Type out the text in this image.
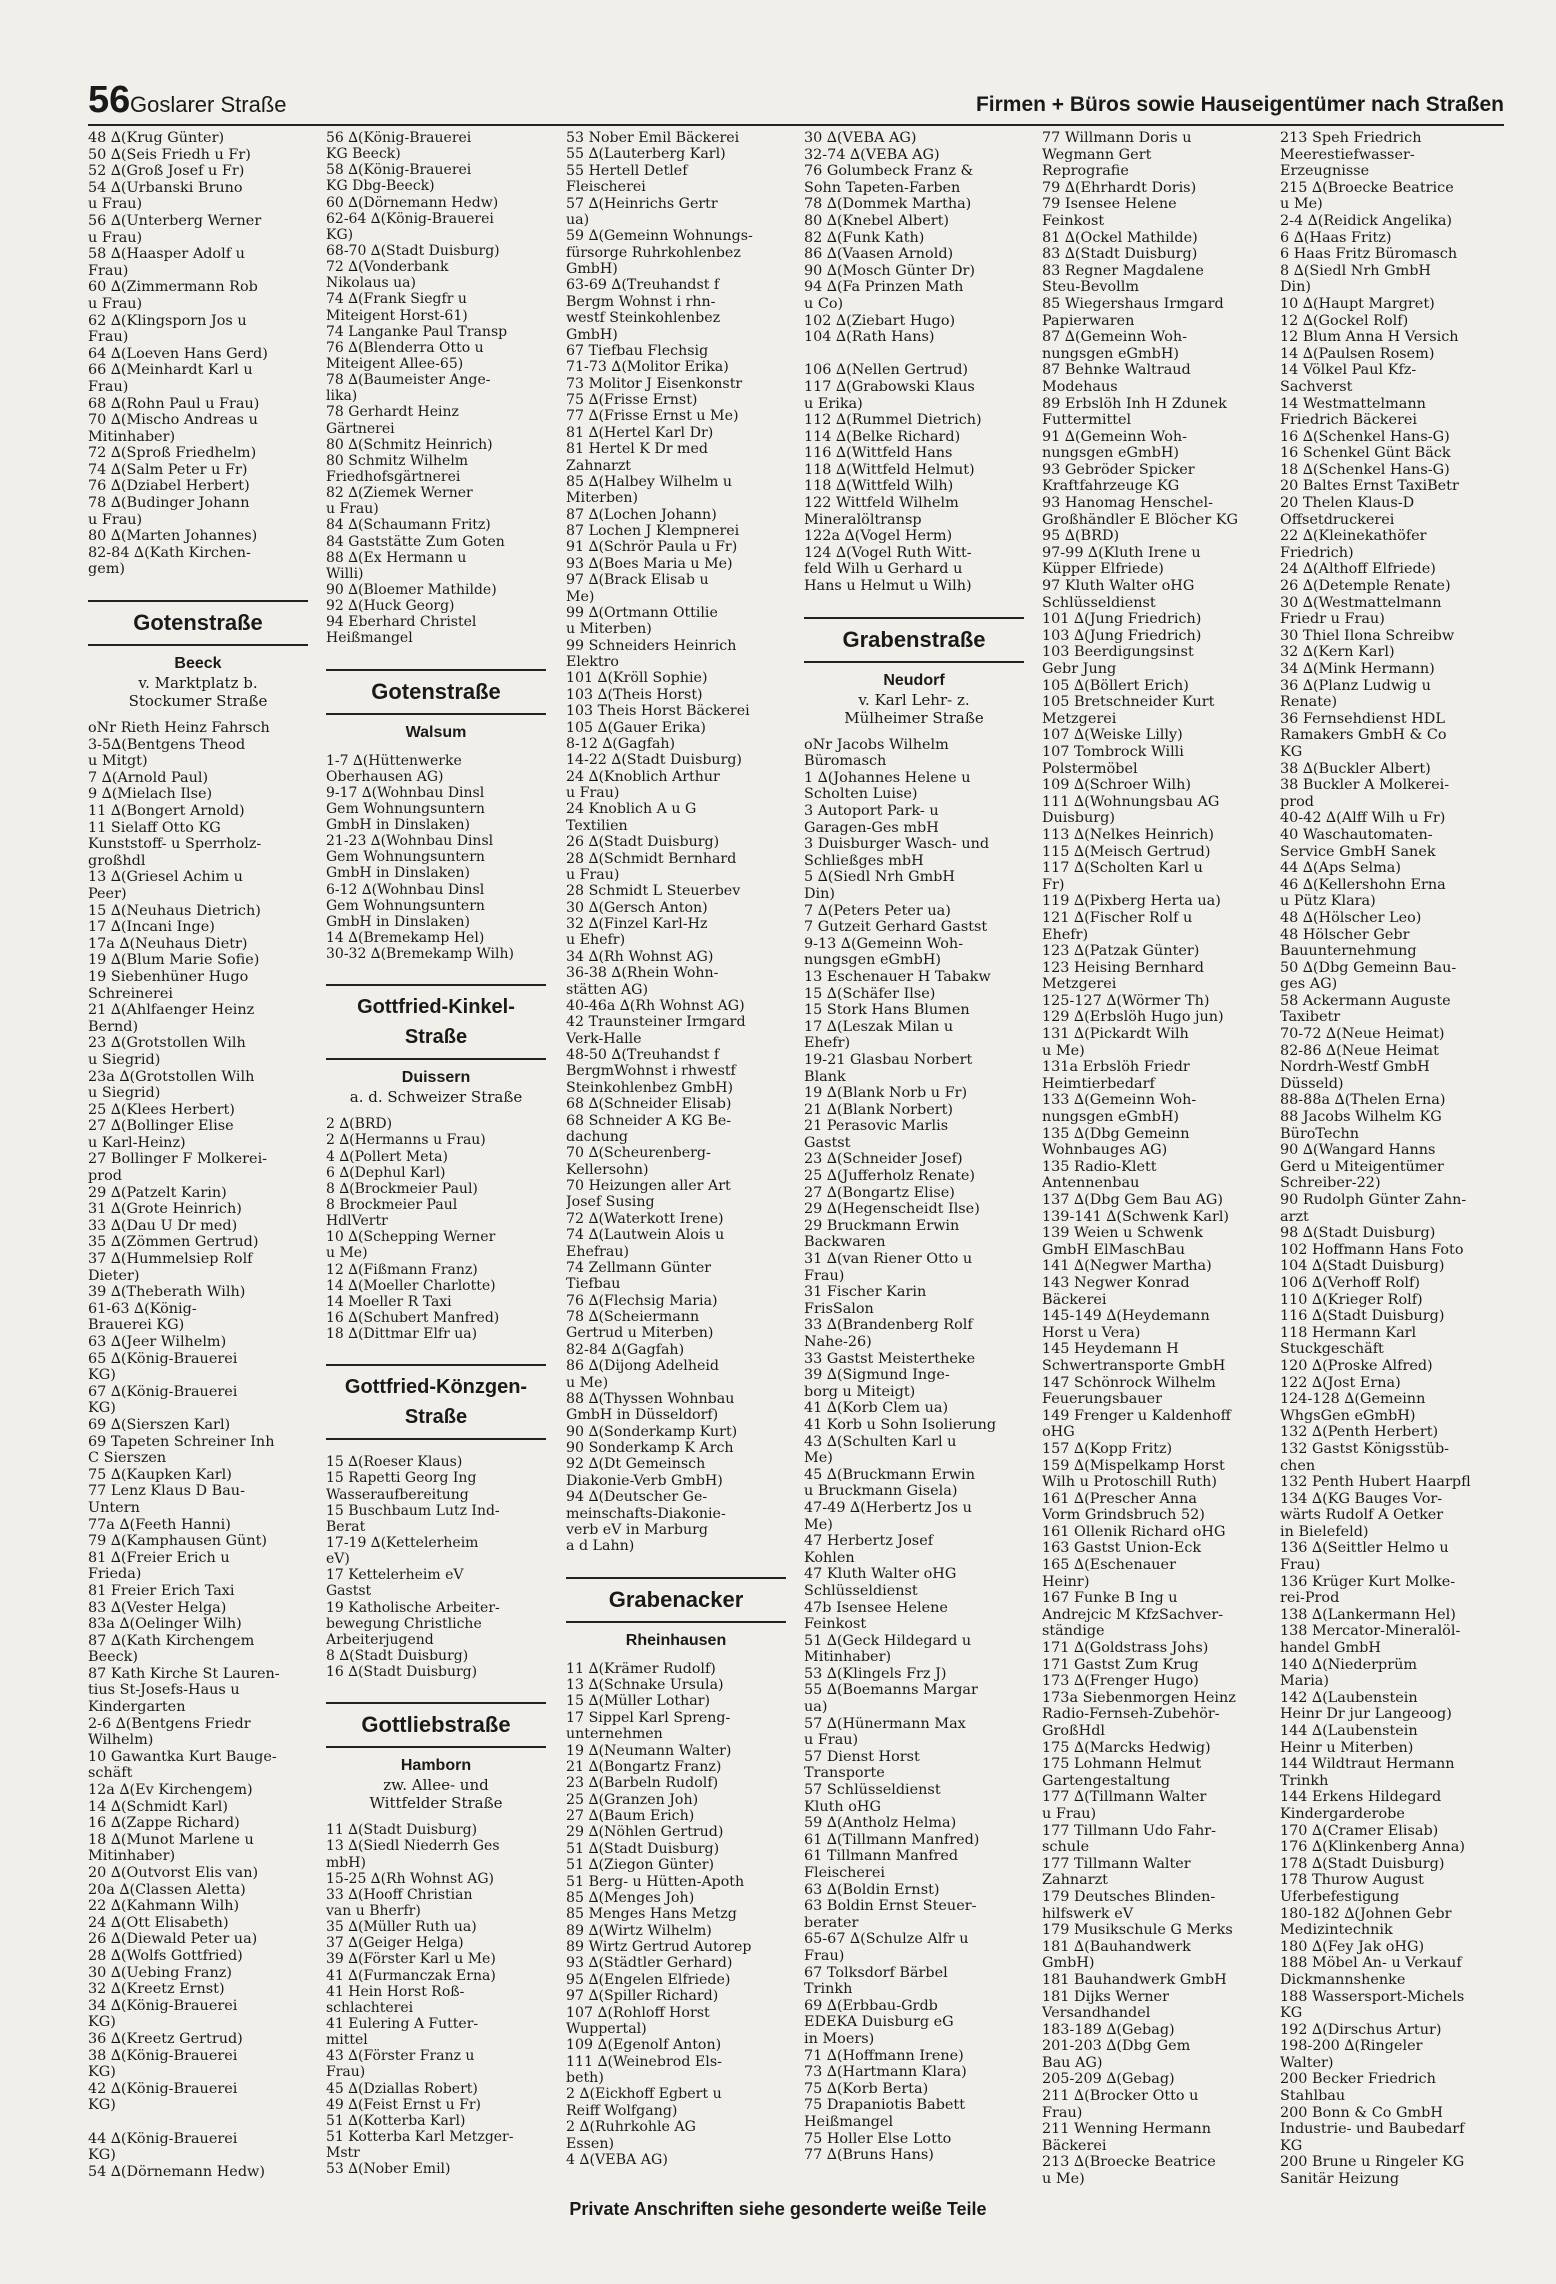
56 Goslarer Straße	Firmen + Büros sowie Hauseigentümer nach Straßen
48 ∆(Krug Günter)
50 ∆(Seis Friedh u Fr)
52 ∆(Groß Josef u Fr)
54 ∆(Urbanski Bruno
u Frau)
56 ∆(Unterberg Werner
u Frau)
58 ∆(Haasper Adolf u
Frau)
60 ∆(Zimmermann Rob
u Frau)
62 ∆(Klingsporn Jos u
Frau)
64 ∆(Loeven Hans Gerd)
66 ∆(Meinhardt Karl u
Frau)
68 ∆(Rohn Paul u Frau)
70 ∆(Mischo Andreas u
Mitinhaber)
72 ∆(Sproß Friedhelm)
74 ∆(Salm Peter u Fr)
76 ∆(Dziabel Herbert)
78 ∆(Budinger Johann
u Frau)
80 ∆(Marten Johannes)
82-84 ∆(Kath Kirchen-
gem)
Gotenstraße
Beeck
v. Marktplatz b.
Stockumer Straße
oNr Rieth Heinz Fahrsch
3-5∆(Bentgens Theod
u Mitgt)
7 ∆(Arnold Paul)
9 ∆(Mielach Ilse)
11 ∆(Bongert Arnold)
11 Sielaff Otto KG
Kunststoff- u Sperrholz-
großhdl
13 ∆(Griesel Achim u
Peer)
15 ∆(Neuhaus Dietrich)
17 ∆(Incani Inge)
17a ∆(Neuhaus Dietr)
19 ∆(Blum Marie Sofie)
19 Siebenhüner Hugo
Schreinerei
21 ∆(Ahlfaenger Heinz
Bernd)
23 ∆(Grotstollen Wilh
u Siegrid)
23a ∆(Grotstollen Wilh
u Siegrid)
25 ∆(Klees Herbert)
27 ∆(Bollinger Elise
u Karl-Heinz)
27 Bollinger F Molkerei-
prod
29 ∆(Patzelt Karin)
31 ∆(Grote Heinrich)
33 ∆(Dau U Dr med)
35 ∆(Zömmen Gertrud)
37 ∆(Hummelsiep Rolf
Dieter)
39 ∆(Theberath Wilh)
61-63 ∆(König-
Brauerei KG)
63 ∆(Jeer Wilhelm)
65 ∆(König-Brauerei
KG)
67 ∆(König-Brauerei
KG)
69 ∆(Sierszen Karl)
69 Tapeten Schreiner Inh
C Sierszen
75 ∆(Kaupken Karl)
77 Lenz Klaus D Bau-
Untern
77a ∆(Feeth Hanni)
79 ∆(Kamphausen Günt)
81 ∆(Freier Erich u
Frieda)
81 Freier Erich Taxi
83 ∆(Vester Helga)
83a ∆(Oelinger Wilh)
87 ∆(Kath Kirchengem
Beeck)
87 Kath Kirche St Lauren-
tius St-Josefs-Haus u
Kindergarten
2-6 ∆(Bentgens Friedr
Wilhelm)
10 Gawantka Kurt Bauge-
schäft
12a ∆(Ev Kirchengem)
14 ∆(Schmidt Karl)
16 ∆(Zappe Richard)
18 ∆(Munot Marlene u
Mitinhaber)
20 ∆(Outvorst Elis van)
20a ∆(Classen Aletta)
22 ∆(Kahmann Wilh)
24 ∆(Ott Elisabeth)
26 ∆(Diewald Peter ua)
28 ∆(Wolfs Gottfried)
30 ∆(Uebing Franz)
32 ∆(Kreetz Ernst)
34 ∆(König-Brauerei
KG)
36 ∆(Kreetz Gertrud)
38 ∆(König-Brauerei
KG)
42 ∆(König-Brauerei
KG)

44 ∆(König-Brauerei
KG)
54 ∆(Dörnemann Hedw)
56 ∆(König-Brauerei
KG Beeck)
58 ∆(König-Brauerei
KG Dbg-Beeck)
60 ∆(Dörnemann Hedw)
62-64 ∆(König-Brauerei
KG)
68-70 ∆(Stadt Duisburg)
72 ∆(Vonderbank
Nikolaus ua)
74 ∆(Frank Siegfr u
Miteigent Horst-61)
74 Langanke Paul Transp
76 ∆(Blenderra Otto u
Miteigent Allee-65)
78 ∆(Baumeister Ange-
lika)
78 Gerhardt Heinz
Gärtnerei
80 ∆(Schmitz Heinrich)
80 Schmitz Wilhelm
Friedhofsgärtnerei
82 ∆(Ziemek Werner
u Frau)
84 ∆(Schaumann Fritz)
84 Gaststätte Zum Goten
88 ∆(Ex Hermann u
Willi)
90 ∆(Bloemer Mathilde)
92 ∆(Huck Georg)
94 Eberhard Christel
Heißmangel
Gotenstraße
Walsum
1-7 ∆(Hüttenwerke
Oberhausen AG)
9-17 ∆(Wohnbau Dinsl
Gem Wohnungsuntern
GmbH in Dinslaken)
21-23 ∆(Wohnbau Dinsl
Gem Wohnungsuntern
GmbH in Dinslaken)
6-12 ∆(Wohnbau Dinsl
Gem Wohnungsuntern
GmbH in Dinslaken)
14 ∆(Bremekamp Hel)
30-32 ∆(Bremekamp Wilh)
Gottfried-Kinkel-Straße
Duissern
a. d. Schweizer Straße
2 ∆(BRD)
2 ∆(Hermanns u Frau)
4 ∆(Pollert Meta)
6 ∆(Dephul Karl)
8 ∆(Brockmeier Paul)
8 Brockmeier Paul
HdlVertr
10 ∆(Schepping Werner
u Me)
12 ∆(Fißmann Franz)
14 ∆(Moeller Charlotte)
14 Moeller R Taxi
16 ∆(Schubert Manfred)
18 ∆(Dittmar Elfr ua)
Gottfried-Könzgen-Straße
15 ∆(Roeser Klaus)
15 Rapetti Georg Ing
Wasseraufbereitung
15 Buschbaum Lutz Ind-
Berat
17-19 ∆(Kettelerheim
eV)
17 Kettelerheim eV
Gastst
19 Katholische Arbeiter-
bewegung Christliche
Arbeiterjugend
8 ∆(Stadt Duisburg)
16 ∆(Stadt Duisburg)
Gottliebstraße
Hamborn
zw. Allee- und
Wittfelder Straße
11 ∆(Stadt Duisburg)
13 ∆(Siedl Niederrh Ges
mbH)
15-25 ∆(Rh Wohnst AG)
33 ∆(Hooff Christian
van u Bherfr)
35 ∆(Müller Ruth ua)
37 ∆(Geiger Helga)
39 ∆(Förster Karl u Me)
41 ∆(Furmanczak Erna)
41 Hein Horst Roß-
schlachterei
41 Eulering A Futter-
mittel
43 ∆(Förster Franz u
Frau)
45 ∆(Dziallas Robert)
49 ∆(Feist Ernst u Fr)
51 ∆(Kotterba Karl)
51 Kotterba Karl Metzger-
Mstr
53 ∆(Nober Emil)
53 Nober Emil Bäckerei
55 ∆(Lauterberg Karl)
55 Hertell Detlef
Fleischerei
57 ∆(Heinrichs Gertr
ua)
59 ∆(Gemeinn Wohnungs-
fürsorge Ruhrkohlenbez
GmbH)
63-69 ∆(Treuhandst f
Bergm Wohnst i rhn-
westf Steinkohlenbez
GmbH)
67 Tiefbau Flechsig
71-73 ∆(Molitor Erika)
73 Molitor J Eisenkonstr
75 ∆(Frisse Ernst)
77 ∆(Frisse Ernst u Me)
81 ∆(Hertel Karl Dr)
81 Hertel K Dr med
Zahnarzt
85 ∆(Halbey Wilhelm u
Miterben)
87 ∆(Lochen Johann)
87 Lochen J Klempnerei
91 ∆(Schrör Paula u Fr)
93 ∆(Boes Maria u Me)
97 ∆(Brack Elisab u
Me)
99 ∆(Ortmann Ottilie
u Miterben)
99 Schneiders Heinrich
Elektro
101 ∆(Kröll Sophie)
103 ∆(Theis Horst)
103 Theis Horst Bäckerei
105 ∆(Gauer Erika)
8-12 ∆(Gagfah)
14-22 ∆(Stadt Duisburg)
24 ∆(Knoblich Arthur
u Frau)
24 Knoblich A u G
Textilien
26 ∆(Stadt Duisburg)
28 ∆(Schmidt Bernhard
u Frau)
28 Schmidt L Steuerbev
30 ∆(Gersch Anton)
32 ∆(Finzel Karl-Hz
u Ehefr)
34 ∆(Rh Wohnst AG)
36-38 ∆(Rhein Wohn-
stätten AG)
40-46a ∆(Rh Wohnst AG)
42 Traunsteiner Irmgard
Verk-Halle
48-50 ∆(Treuhandst f
BergmWohnst i rhwestf
Steinkohlenbez GmbH)
68 ∆(Schneider Elisab)
68 Schneider A KG Be-
dachung
70 ∆(Scheurenberg-
Kellersohn)
70 Heizungen aller Art
Josef Susing
72 ∆(Waterkott Irene)
74 ∆(Lautwein Alois u
Ehefrau)
74 Zellmann Günter
Tiefbau
76 ∆(Flechsig Maria)
78 ∆(Scheiermann
Gertrud u Miterben)
82-84 ∆(Gagfah)
86 ∆(Dijong Adelheid
u Me)
88 ∆(Thyssen Wohnbau
GmbH in Düsseldorf)
90 ∆(Sonderkamp Kurt)
90 Sonderkamp K Arch
92 ∆(Dt Gemeinsch
Diakonie-Verb GmbH)
94 ∆(Deutscher Ge-
meinschafts-Diakonie-
verb eV in Marburg
a d Lahn)
Grabenacker
Rheinhausen
11 ∆(Krämer Rudolf)
13 ∆(Schnake Ursula)
15 ∆(Müller Lothar)
17 Sippel Karl Spreng-
unternehmen
19 ∆(Neumann Walter)
21 ∆(Bongartz Franz)
23 ∆(Barbeln Rudolf)
25 ∆(Granzen Joh)
27 ∆(Baum Erich)
29 ∆(Nöhlen Gertrud)
51 ∆(Stadt Duisburg)
51 ∆(Ziegon Günter)
51 Berg- u Hütten-Apoth
85 ∆(Menges Joh)
85 Menges Hans Metzg
89 ∆(Wirtz Wilhelm)
89 Wirtz Gertrud Autorep
93 ∆(Städtler Gerhard)
95 ∆(Engelen Elfriede)
97 ∆(Spiller Richard)
107 ∆(Rohloff Horst
Wuppertal)
109 ∆(Egenolf Anton)
111 ∆(Weinebrod Els-
beth)
2 ∆(Eickhoff Egbert u
Reiff Wolfgang)
2 ∆(Ruhrkohle AG
Essen)
4 ∆(VEBA AG)
30 ∆(VEBA AG)
32-74 ∆(VEBA AG)
76 Golumbeck Franz &
Sohn Tapeten-Farben
78 ∆(Dommek Martha)
80 ∆(Knebel Albert)
82 ∆(Funk Kath)
86 ∆(Vaasen Arnold)
90 ∆(Mosch Günter Dr)
94 ∆(Fa Prinzen Math
u Co)
102 ∆(Ziebart Hugo)
104 ∆(Rath Hans)

106 ∆(Nellen Gertrud)
117 ∆(Grabowski Klaus
u Erika)
112 ∆(Rummel Dietrich)
114 ∆(Belke Richard)
116 ∆(Wittfeld Hans
118 ∆(Wittfeld Helmut)
118 ∆(Wittfeld Wilh)
122 Wittfeld Wilhelm
Mineralöltransp
122a ∆(Vogel Herm)
124 ∆(Vogel Ruth Witt-
feld Wilh u Gerhard u
Hans u Helmut u Wilh)
Grabenstraße
Neudorf
v. Karl Lehr- z.
Mülheimer Straße
oNr Jacobs Wilhelm
Büromasch
1 ∆(Johannes Helene u
Scholten Luise)
3 Autoport Park- u
Garagen-Ges mbH
3 Duisburger Wasch- und
Schließges mbH
5 ∆(Siedl Nrh GmbH
Din)
7 ∆(Peters Peter ua)
7 Gutzeit Gerhard Gastst
9-13 ∆(Gemeinn Woh-
nungsgen eGmbH)
13 Eschenauer H Tabakw
15 ∆(Schäfer Ilse)
15 Stork Hans Blumen
17 ∆(Leszak Milan u
Ehefr)
19-21 Glasbau Norbert
Blank
19 ∆(Blank Norb u Fr)
21 ∆(Blank Norbert)
21 Perasovic Marlis
Gastst
23 ∆(Schneider Josef)
25 ∆(Jufferholz Renate)
27 ∆(Bongartz Elise)
29 ∆(Hegenscheidt Ilse)
29 Bruckmann Erwin
Backwaren
31 ∆(van Riener Otto u
Frau)
31 Fischer Karin
FrisSalon
33 ∆(Brandenberg Rolf
Nahe-26)
33 Gastst Meistertheke
39 ∆(Sigmund Inge-
borg u Miteigt)
41 ∆(Korb Clem ua)
41 Korb u Sohn Isolierung
43 ∆(Schulten Karl u
Me)
45 ∆(Bruckmann Erwin
u Bruckmann Gisela)
47-49 ∆(Herbertz Jos u
Me)
47 Herbertz Josef
Kohlen
47 Kluth Walter oHG
Schlüsseldienst
47b Isensee Helene
Feinkost
51 ∆(Geck Hildegard u
Mitinhaber)
53 ∆(Klingels Frz J)
55 ∆(Boemanns Margar
ua)
57 ∆(Hünermann Max
u Frau)
57 Dienst Horst
Transporte
57 Schlüsseldienst
Kluth oHG
59 ∆(Antholz Helma)
61 ∆(Tillmann Manfred)
61 Tillmann Manfred
Fleischerei
63 ∆(Boldin Ernst)
63 Boldin Ernst Steuer-
berater
65-67 ∆(Schulze Alfr u
Frau)
67 Tolksdorf Bärbel
Trinkh
69 ∆(Erbbau-Grdb
EDEKA Duisburg eG
in Moers)
71 ∆(Hoffmann Irene)
73 ∆(Hartmann Klara)
75 ∆(Korb Berta)
75 Drapaniotis Babett
Heißmangel
75 Holler Else Lotto
77 ∆(Bruns Hans)
77 Willmann Doris u
Wegmann Gert
Reprografie
79 ∆(Ehrhardt Doris)
79 Isensee Helene
Feinkost
81 ∆(Ockel Mathilde)
83 ∆(Stadt Duisburg)
83 Regner Magdalene
Steu-Bevollm
85 Wiegershaus Irmgard
Papierwaren
87 ∆(Gemeinn Woh-
nungsgen eGmbH)
87 Behnke Waltraud
Modehaus
89 Erbslöh Inh H Zdunek
Futtermittel
91 ∆(Gemeinn Woh-
nungsgen eGmbH)
93 Gebröder Spicker
Kraftfahrzeuge KG
93 Hanomag Henschel-
Großhändler E Blöcher KG
95 ∆(BRD)
97-99 ∆(Kluth Irene u
Küpper Elfriede)
97 Kluth Walter oHG
Schlüsseldienst
101 ∆(Jung Friedrich)
103 ∆(Jung Friedrich)
103 Beerdigungsinst
Gebr Jung
105 ∆(Böllert Erich)
105 Bretschneider Kurt
Metzgerei
107 ∆(Weiske Lilly)
107 Tombrock Willi
Polstermöbel
109 ∆(Schroer Wilh)
111 ∆(Wohnungsbau AG
Duisburg)
113 ∆(Nelkes Heinrich)
115 ∆(Meisch Gertrud)
117 ∆(Scholten Karl u
Fr)
119 ∆(Pixberg Herta ua)
121 ∆(Fischer Rolf u
Ehefr)
123 ∆(Patzak Günter)
123 Heising Bernhard
Metzgerei
125-127 ∆(Wörmer Th)
129 ∆(Erbslöh Hugo jun)
131 ∆(Pickardt Wilh
u Me)
131a Erbslöh Friedr
Heimtierbedarf
133 ∆(Gemeinn Woh-
nungsgen eGmbH)
135 ∆(Dbg Gemeinn
Wohnbauges AG)
135 Radio-Klett
Antennenbau
137 ∆(Dbg Gem Bau AG)
139-141 ∆(Schwenk Karl)
139 Weien u Schwenk
GmbH ElMaschBau
141 ∆(Negwer Martha)
143 Negwer Konrad
Bäckerei
145-149 ∆(Heydemann
Horst u Vera)
145 Heydemann H
Schwertransporte GmbH
147 Schönrock Wilhelm
Feuerungsbauer
149 Frenger u Kaldenhoff
oHG
157 ∆(Kopp Fritz)
159 ∆(Mispelkamp Horst
Wilh u Protoschill Ruth)
161 ∆(Prescher Anna
Vorm Grindsbruch 52)
161 Ollenik Richard oHG
163 Gastst Union-Eck
165 ∆(Eschenauer
Heinr)
167 Funke B Ing u
Andrejcic M KfzSachver-
ständige
171 ∆(Goldstrass Johs)
171 Gastst Zum Krug
173 ∆(Frenger Hugo)
173a Siebenmorgen Heinz
Radio-Fernseh-Zubehör-
GroßHdl
175 ∆(Marcks Hedwig)
175 Lohmann Helmut
Gartengestaltung
177 ∆(Tillmann Walter
u Frau)
177 Tillmann Udo Fahr-
schule
177 Tillmann Walter
Zahnarzt
179 Deutsches Blinden-
hilfswerk eV
179 Musikschule G Merks
181 ∆(Bauhandwerk
GmbH)
181 Bauhandwerk GmbH
181 Dijks Werner
Versandhandel
183-189 ∆(Gebag)
201-203 ∆(Dbg Gem
Bau AG)
205-209 ∆(Gebag)
211 ∆(Brocker Otto u
Frau)
211 Wenning Hermann
Bäckerei
213 ∆(Broecke Beatrice
u Me)
213 Speh Friedrich
Meerestiefwasser-
Erzeugnisse
215 ∆(Broecke Beatrice
u Me)
2-4 ∆(Reidick Angelika)
6 ∆(Haas Fritz)
6 Haas Fritz Büromasch
8 ∆(Siedl Nrh GmbH
Din)
10 ∆(Haupt Margret)
12 ∆(Gockel Rolf)
12 Blum Anna H Versich
14 ∆(Paulsen Rosem)
14 Völkel Paul Kfz-
Sachverst
14 Westmattelmann
Friedrich Bäckerei
16 ∆(Schenkel Hans-G)
16 Schenkel Günt Bäck
18 ∆(Schenkel Hans-G)
20 Baltes Ernst TaxiBetr
20 Thelen Klaus-D
Offsetdruckerei
22 ∆(Kleinekathöfer
Friedrich)
24 ∆(Althoff Elfriede)
26 ∆(Detemple Renate)
30 ∆(Westmattelmann
Friedr u Frau)
30 Thiel Ilona Schreibw
32 ∆(Kern Karl)
34 ∆(Mink Hermann)
36 ∆(Planz Ludwig u
Renate)
36 Fernsehdienst HDL
Ramakers GmbH & Co
KG
38 ∆(Buckler Albert)
38 Buckler A Molkerei-
prod
40-42 ∆(Alff Wilh u Fr)
40 Waschautomaten-
Service GmbH Sanek
44 ∆(Aps Selma)
46 ∆(Kellershohn Erna
u Pütz Klara)
48 ∆(Hölscher Leo)
48 Hölscher Gebr
Bauunternehmung
50 ∆(Dbg Gemeinn Bau-
ges AG)
58 Ackermann Auguste
Taxibetr
70-72 ∆(Neue Heimat)
82-86 ∆(Neue Heimat
Nordrh-Westf GmbH
Düsseld)
88-88a ∆(Thelen Erna)
88 Jacobs Wilhelm KG
BüroTechn
90 ∆(Wangard Hanns
Gerd u Miteigentümer
Schreiber-22)
90 Rudolph Günter Zahn-
arzt
98 ∆(Stadt Duisburg)
102 Hoffmann Hans Foto
104 ∆(Stadt Duisburg)
106 ∆(Verhoff Rolf)
110 ∆(Krieger Rolf)
116 ∆(Stadt Duisburg)
118 Hermann Karl
Stuckgeschäft
120 ∆(Proske Alfred)
122 ∆(Jost Erna)
124-128 ∆(Gemeinn
WhgsGen eGmbH)
132 ∆(Penth Herbert)
132 Gastst Königsstüb-
chen
132 Penth Hubert Haarpfl
134 ∆(KG Bauges Vor-
wärts Rudolf A Oetker
in Bielefeld)
136 ∆(Seittler Helmo u
Frau)
136 Krüger Kurt Molke-
rei-Prod
138 ∆(Lankermann Hel)
138 Mercator-Mineralöl-
handel GmbH
140 ∆(Niederprüm
Maria)
142 ∆(Laubenstein
Heinr Dr jur Langeoog)
144 ∆(Laubenstein
Heinr u Miterben)
144 Wildtraut Hermann
Trinkh
144 Erkens Hildegard
Kindergarderobe
170 ∆(Cramer Elisab)
176 ∆(Klinkenberg Anna)
178 ∆(Stadt Duisburg)
178 Thurow August
Uferbefestigung
180-182 ∆(Johnen Gebr
Medizintechnik
180 ∆(Fey Jak oHG)
188 Möbel An- u Verkauf
Dickmannshenke
188 Wassersport-Michels
KG
192 ∆(Dirschus Artur)
198-200 ∆(Ringeler
Walter)
200 Becker Friedrich
Stahlbau
200 Bonn & Co GmbH
Industrie- und Baubedarf
KG
200 Brune u Ringeler KG
Sanitär Heizung
Private Anschriften siehe gesonderte weiße Teile
